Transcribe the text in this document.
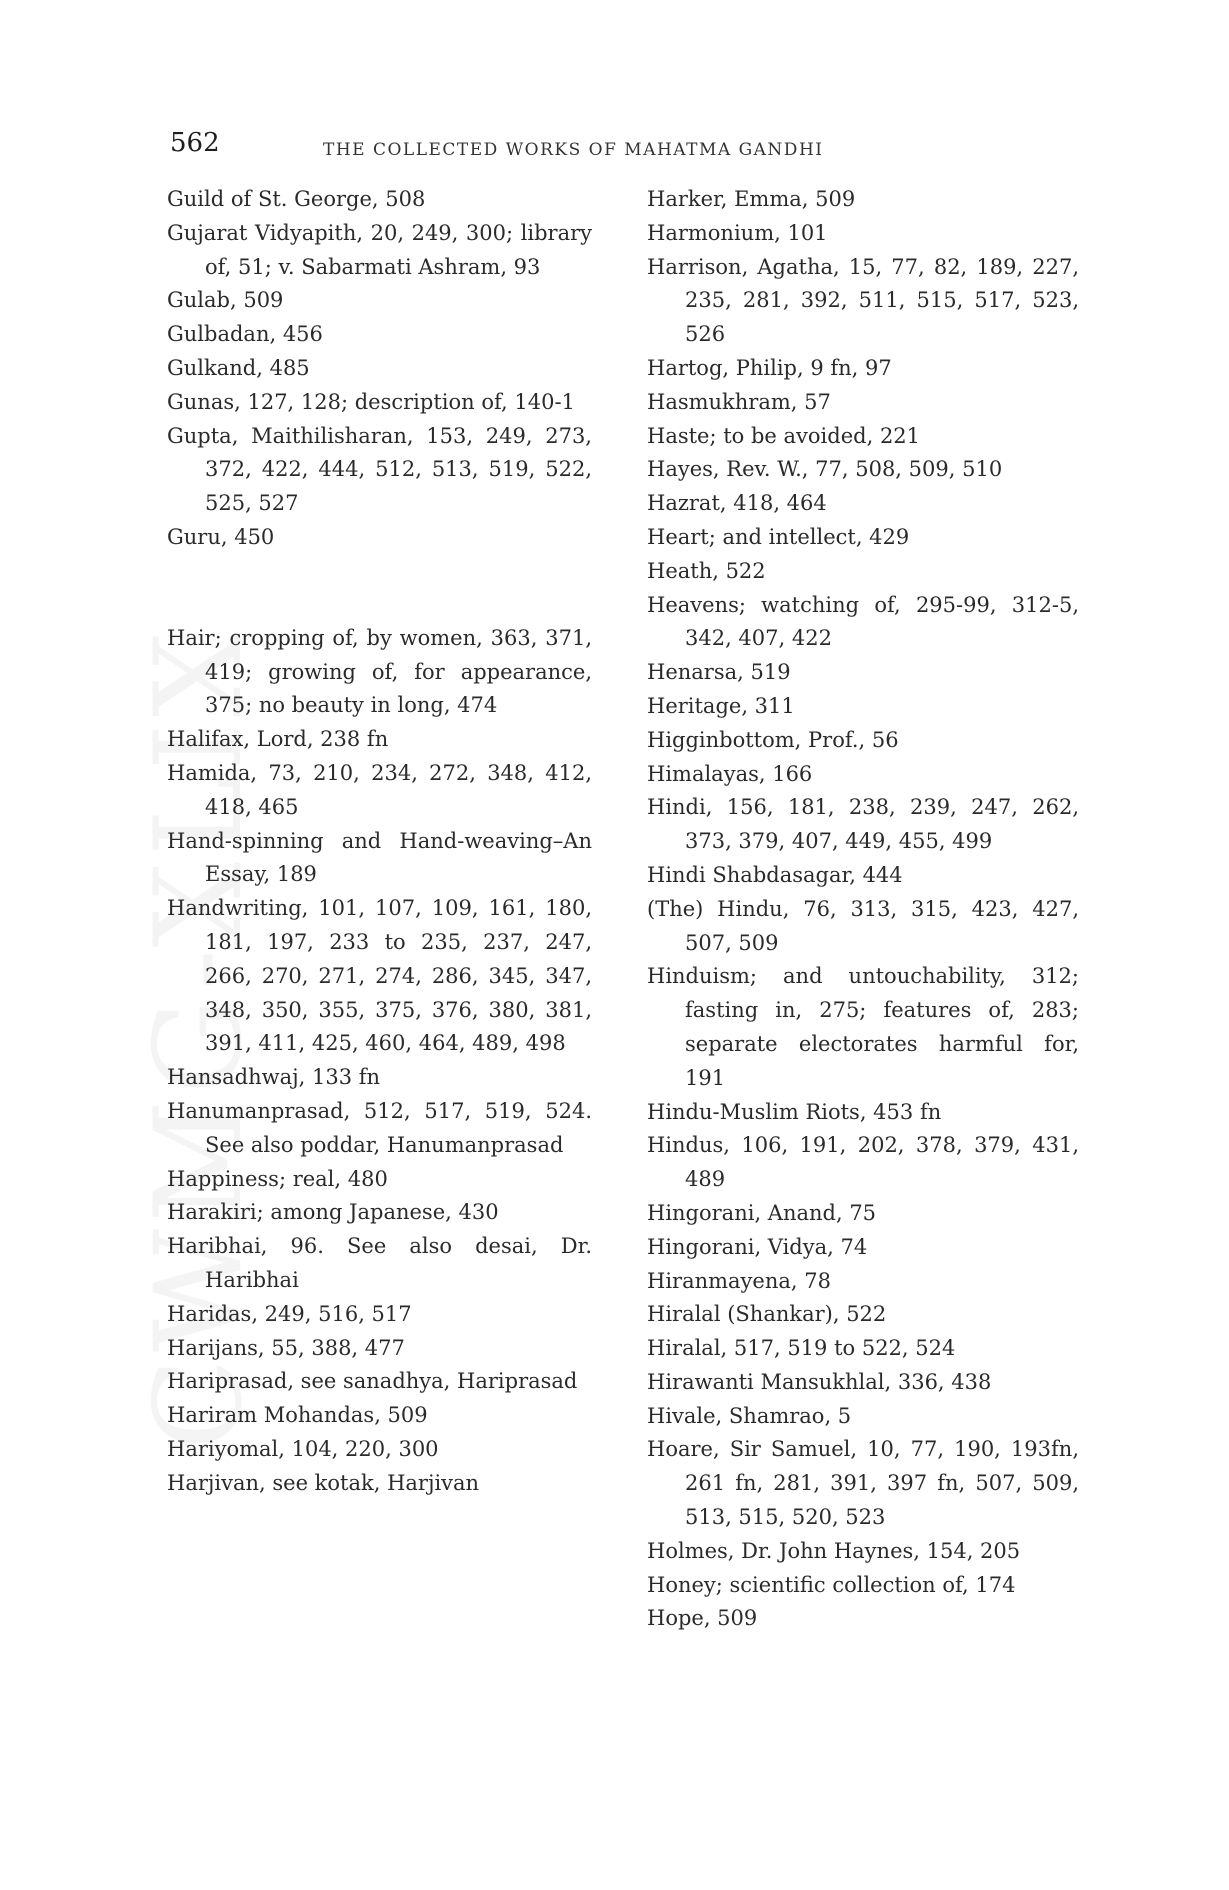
562	THE COLLECTED WORKS OF MAHATMA GANDHI

Guild of St. George, 508

Gujarat Vidyapith, 20, 249, 300; library of, 51; v. Sabarmati Ashram, 93

Gulab, 509

Gulbadan, 456

Gulkand, 485

Gunas, 127, 128; description of, 140-1

Gupta, Maithilisharan, 153, 249, 273, 372, 422, 444, 512, 513, 519, 522, 525, 527

Guru, 450

Hair; cropping of, by women, 363, 371, 419; growing of, for appearance, 375; no beauty in long, 474

Halifax, Lord, 238 fn

Hamida, 73, 210, 234, 272, 348, 412, 418, 465

Hand-spinning and Hand-weaving–An Essay, 189

Handwriting, 101, 107, 109, 161, 180, 181, 197, 233 to 235, 237, 247, 266, 270, 271, 274, 286, 345, 347, 348, 350, 355, 375, 376, 380, 381, 391, 411, 425, 460, 464, 489, 498

Hansadhwaj, 133 fn

Hanumanprasad, 512, 517, 519, 524. See also poddar, Hanumanprasad

Happiness; real, 480

Harakiri; among Japanese, 430

Haribhai, 96. See also desai, Dr. Haribhai

Haridas, 249, 516, 517

Harijans, 55, 388, 477

Hariprasad, see sanadhya, Hariprasad

Hariram Mohandas, 509

Hariyomal, 104, 220, 300

Harjivan, see kotak, Harjivan

Harker, Emma, 509

Harmonium, 101

Harrison, Agatha, 15, 77, 82, 189, 227, 235, 281, 392, 511, 515, 517, 523, 526

Hartog, Philip, 9 fn, 97

Hasmukhram, 57

Haste; to be avoided, 221

Hayes, Rev. W., 77, 508, 509, 510

Hazrat, 418, 464

Heart; and intellect, 429

Heath, 522

Heavens; watching of, 295-99, 312-5, 342, 407, 422

Henarsa, 519

Heritage, 311

Higginbottom, Prof., 56

Himalayas, 166

Hindi, 156, 181, 238, 239, 247, 262, 373, 379, 407, 449, 455, 499

Hindi Shabdasagar, 444

(The) Hindu, 76, 313, 315, 423, 427, 507, 509

Hinduism; and untouchability, 312; fasting in, 275; features of, 283; separate electorates harmful for, 191

Hindu-Muslim Riots, 453 fn

Hindus, 106, 191, 202, 378, 379, 431, 489

Hingorani, Anand, 75

Hingorani, Vidya, 74

Hiranmayena, 78

Hiralal (Shankar), 522

Hiralal, 517, 519 to 522, 524

Hirawanti Mansukhlal, 336, 438

Hivale, Shamrao, 5

Hoare, Sir Samuel, 10, 77, 190, 193fn, 261 fn, 281, 391, 397 fn, 507, 509, 513, 515, 520, 523

Holmes, Dr. John Haynes, 154, 205

Honey; scientific collection of, 174

Hope, 509
